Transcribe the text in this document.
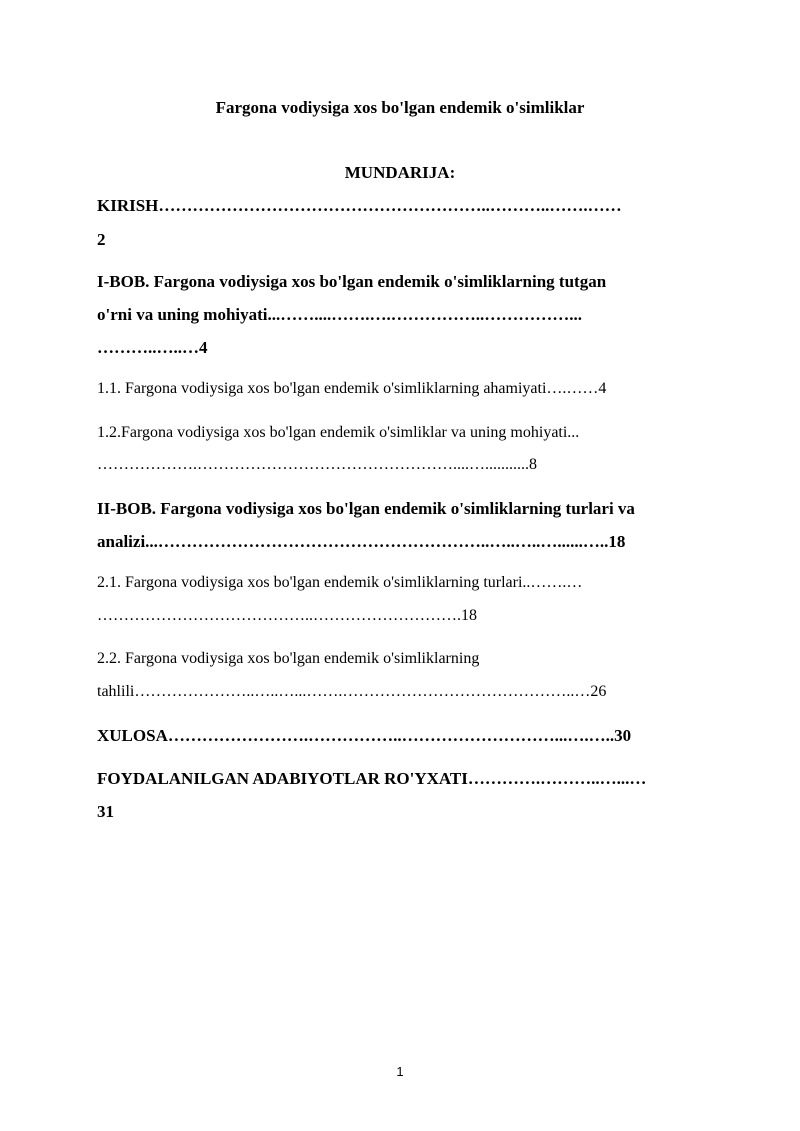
Fargona vodiysiga xos bo'lgan endemik o'simliklar
MUNDARIJA:
KIRISH…………………………………………………..………..…….……
2
I-BOB. Fargona vodiysiga xos bo'lgan endemik o'simliklarning tutgan
o'rni va uning mohiyati...……....…….….……………..……………...
………..…..…4
1.1. Fargona vodiysiga xos bo'lgan endemik o'simliklarning ahamiyati….……4
1.2.Fargona vodiysiga xos bo'lgan endemik o'simliklar va uning mohiyati...
……………….…………………………………………....…...........8
II-BOB. Fargona vodiysiga xos bo'lgan endemik o'simliklarning turlari va
analizi...…………………………………………………..…..…..…......…..18
2.1. Fargona vodiysiga xos bo'lgan endemik o'simliklarning turlari..…….…
…………………………………..……………………….18
2.2. Fargona vodiysiga xos bo'lgan endemik o'simliklarning
tahlili…………………..…..…...…….……………………………………..…26
XULOSA…………………….……………..………………………...….…..30
FOYDALANILGAN ADABIYOTLAR RO'YXATI………….………..…...…
31
1
